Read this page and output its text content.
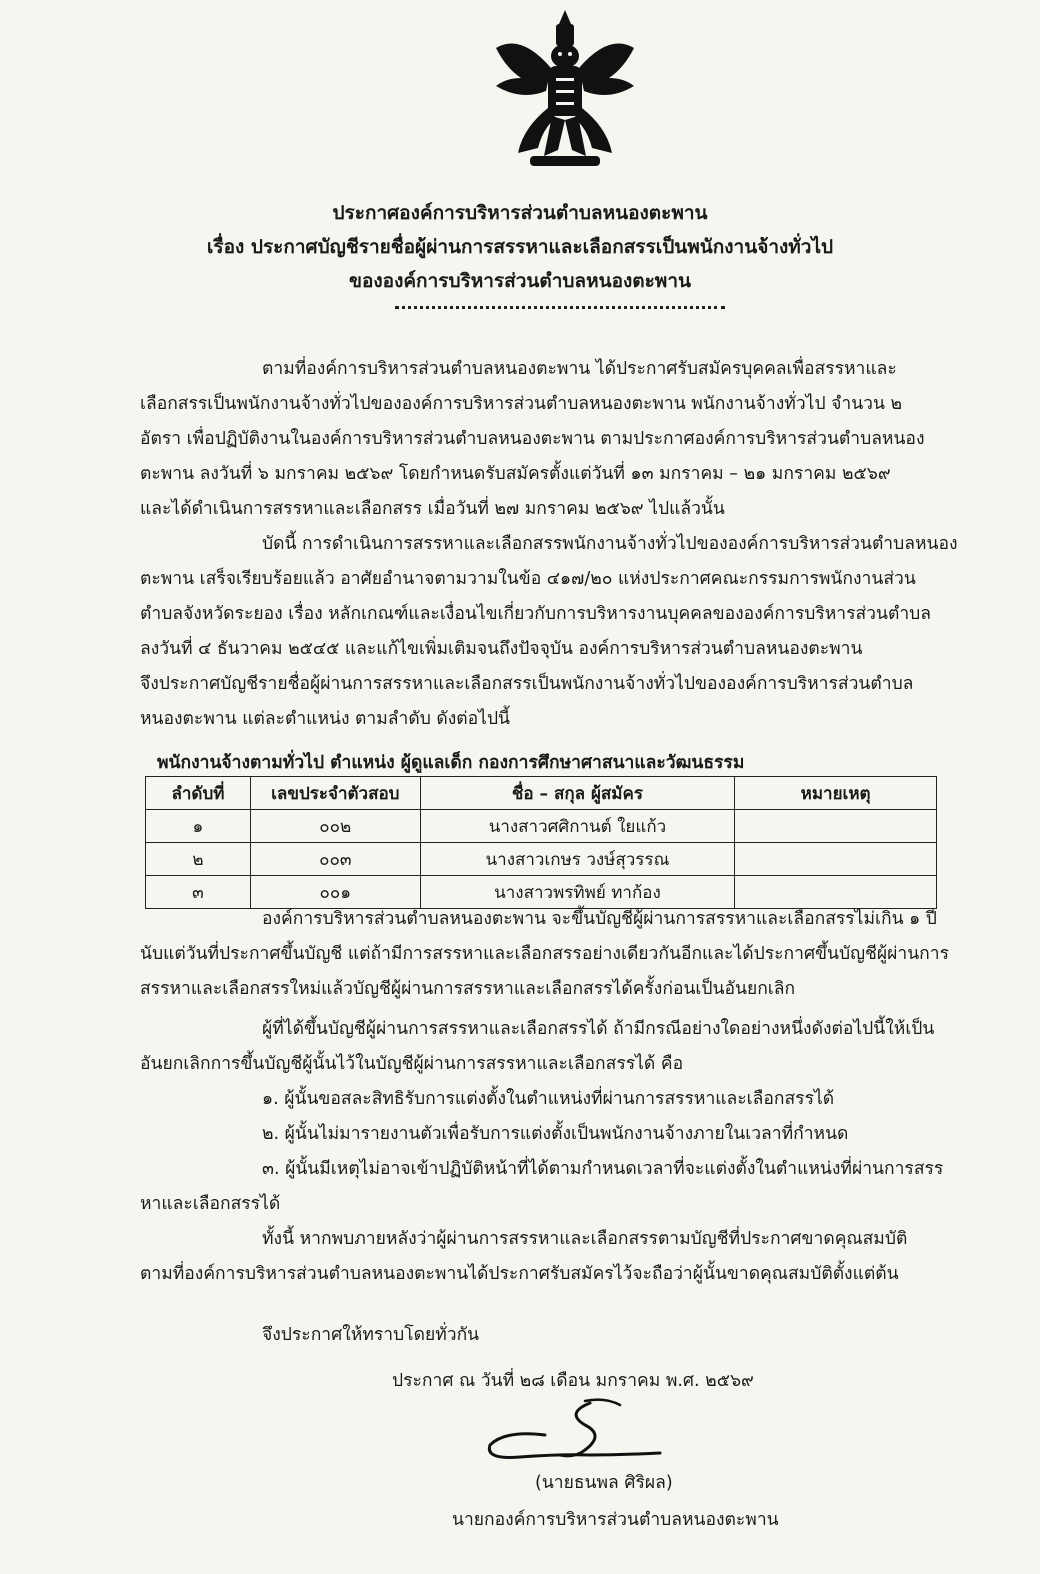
ประกาศองค์การบริหารส่วนตำบลหนองตะพาน
เรื่อง ประกาศบัญชีรายชื่อผู้ผ่านการสรรหาและเลือกสรรเป็นพนักงานจ้างทั่วไป
ขององค์การบริหารส่วนตำบลหนองตะพาน
ตามที่องค์การบริหารส่วนตำบลหนองตะพาน ได้ประกาศรับสมัครบุคคลเพื่อสรรหาและ
เลือกสรรเป็นพนักงานจ้างทั่วไปขององค์การบริหารส่วนตำบลหนองตะพาน พนักงานจ้างทั่วไป จำนวน ๒
อัตรา เพื่อปฏิบัติงานในองค์การบริหารส่วนตำบลหนองตะพาน ตามประกาศองค์การบริหารส่วนตำบลหนอง
ตะพาน ลงวันที่ ๖ มกราคม ๒๕๖๙ โดยกำหนดรับสมัครตั้งแต่วันที่ ๑๓ มกราคม – ๒๑ มกราคม ๒๕๖๙
และได้ดำเนินการสรรหาและเลือกสรร เมื่อวันที่ ๒๗ มกราคม ๒๕๖๙ ไปแล้วนั้น
บัดนี้ การดำเนินการสรรหาและเลือกสรรพนักงานจ้างทั่วไปขององค์การบริหารส่วนตำบลหนอง
ตะพาน เสร็จเรียบร้อยแล้ว อาศัยอำนาจตามวามในข้อ ๔๑๗/๒๐ แห่งประกาศคณะกรรมการพนักงานส่วน
ตำบลจังหวัดระยอง เรื่อง หลักเกณฑ์และเงื่อนไขเกี่ยวกับการบริหารงานบุคคลขององค์การบริหารส่วนตำบล
ลงวันที่ ๔ ธันวาคม ๒๕๔๕ และแก้ไขเพิ่มเติมจนถึงปัจจุบัน องค์การบริหารส่วนตำบลหนองตะพาน
จึงประกาศบัญชีรายชื่อผู้ผ่านการสรรหาและเลือกสรรเป็นพนักงานจ้างทั่วไปขององค์การบริหารส่วนตำบล
หนองตะพาน แต่ละตำแหน่ง ตามลำดับ ดังต่อไปนี้
พนักงานจ้างตามทั่วไป ตำแหน่ง ผู้ดูแลเด็ก กองการศึกษาศาสนาและวัฒนธรรม
ลำดับที่	เลขประจำตัวสอบ	ชื่อ – สกุล ผู้สมัคร	หมายเหตุ
๑	๐๐๒	นางสาวศศิกานต์ ใยแก้ว	
๒	๐๐๓	นางสาวเกษร วงษ์สุวรรณ	
๓	๐๐๑	นางสาวพรทิพย์ ทาก้อง	
องค์การบริหารส่วนตำบลหนองตะพาน จะขึ้นบัญชีผู้ผ่านการสรรหาและเลือกสรรไม่เกิน ๑ ปี
นับแต่วันที่ประกาศขึ้นบัญชี แต่ถ้ามีการสรรหาและเลือกสรรอย่างเดียวกันอีกและได้ประกาศขึ้นบัญชีผู้ผ่านการ
สรรหาและเลือกสรรใหม่แล้วบัญชีผู้ผ่านการสรรหาและเลือกสรรได้ครั้งก่อนเป็นอันยกเลิก
ผู้ที่ได้ขึ้นบัญชีผู้ผ่านการสรรหาและเลือกสรรได้ ถ้ามีกรณีอย่างใดอย่างหนึ่งดังต่อไปนี้ให้เป็น
อันยกเลิกการขึ้นบัญชีผู้นั้นไว้ในบัญชีผู้ผ่านการสรรหาและเลือกสรรได้ คือ
๑. ผู้นั้นขอสละสิทธิรับการแต่งตั้งในตำแหน่งที่ผ่านการสรรหาและเลือกสรรได้
๒. ผู้นั้นไม่มารายงานตัวเพื่อรับการแต่งตั้งเป็นพนักงานจ้างภายในเวลาที่กำหนด
๓. ผู้นั้นมีเหตุไม่อาจเข้าปฏิบัติหน้าที่ได้ตามกำหนดเวลาที่จะแต่งตั้งในตำแหน่งที่ผ่านการสรร
หาและเลือกสรรได้
ทั้งนี้ หากพบภายหลังว่าผู้ผ่านการสรรหาและเลือกสรรตามบัญชีที่ประกาศขาดคุณสมบัติ
ตามที่องค์การบริหารส่วนตำบลหนองตะพานได้ประกาศรับสมัครไว้จะถือว่าผู้นั้นขาดคุณสมบัติตั้งแต่ต้น
จึงประกาศให้ทราบโดยทั่วกัน
ประกาศ ณ วันที่ ๒๘ เดือน มกราคม พ.ศ. ๒๕๖๙
(นายธนพล ศิริผล)
นายกองค์การบริหารส่วนตำบลหนองตะพาน
